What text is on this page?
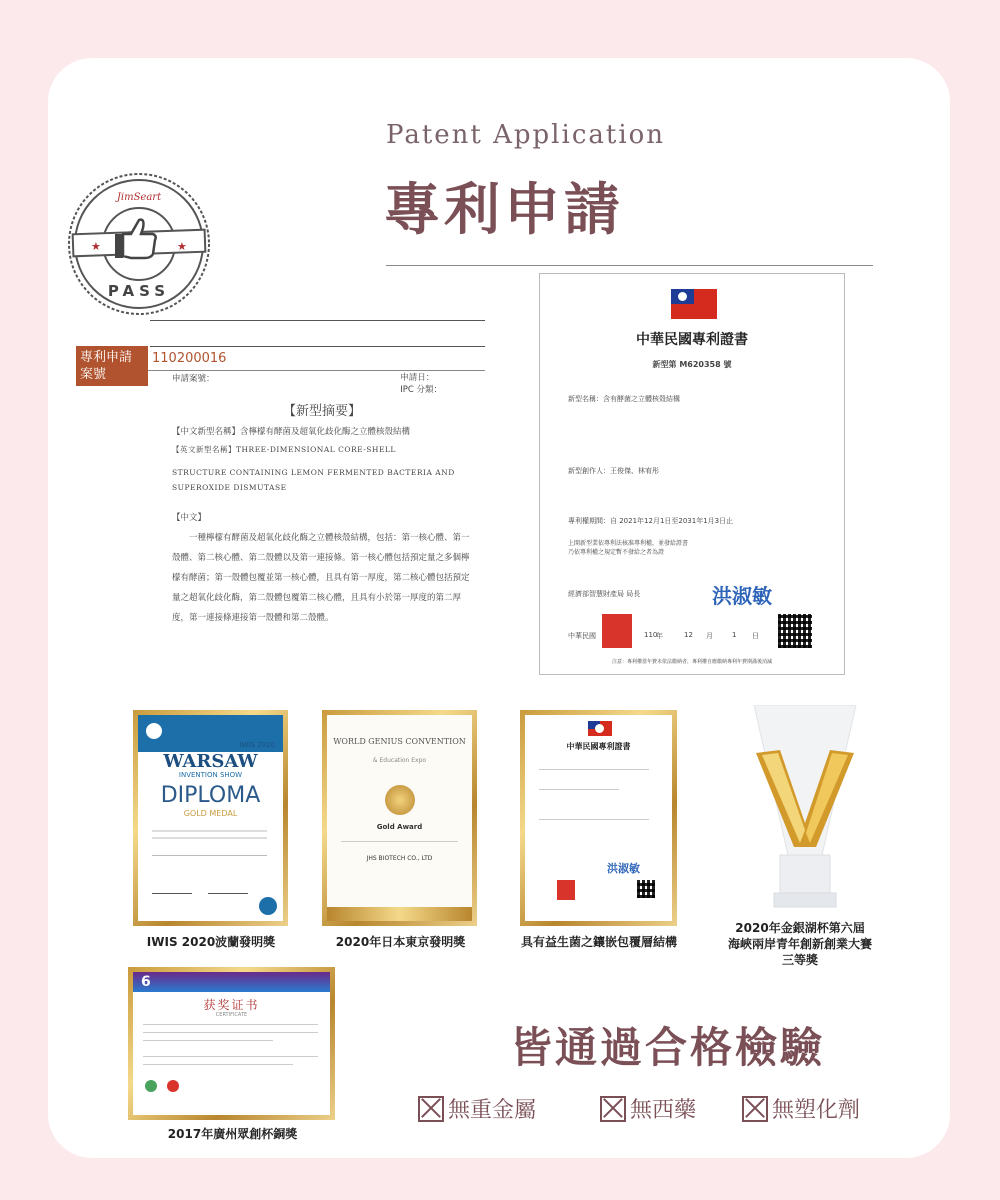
Patent Application
專利申請
★	★
PASS
JimSeart
專利申請案號
110200016
申請案號：	申請日：
IPC 分類：
【新型摘要】

【中文新型名稱】含檸檬有酵菌及超氧化歧化酶之立體核殼結構

【英文新型名稱】THREE-DIMENSIONAL CORE-SHELL

STRUCTURE CONTAINING LEMON FERMENTED BACTERIA AND SUPEROXIDE DISMUTASE

【中文】

一種檸檬有酵菌及超氧化歧化酶之立體核殼結構，包括：第一核心體、第一殼體、第二核心體、第二殼體以及第一連接條。第一核心體包括預定量之多個檸檬有酵菌；第一殼體包覆並第一核心體，且具有第一厚度，第二核心體包括預定量之超氧化歧化酶，第二殼體包覆第二核心體，且具有小於第一厚度的第二厚度，第一連接條連接第一殼體和第二殼體。

中華民國專利證書
新型第 M620358 號
新型名稱：含有酵菌之立體核殼結構
新型創作人：王俊傑、林宥彤
專利權期間：自 2021年12月1日至2031年1月3日止
上開新型業依專利法核准專利權，並發給證書
乃依專利權之規定暫不發給之者為證
經濟部智慧財產局 局長	洪淑敏
中華民國	110
年	12 月	1 日
注意：專利權當年費未依法繳納者，專利權自應繳納專利年費期滿後消滅
IWIS 2020
WARSAW
INVENTION SHOW
DIPLOMA
GOLD MEDAL
IWIS 2020波蘭發明獎
WORLD GENIUS CONVENTION
& Education Expo
Gold Award
JHS BIOTECH CO., LTD
2020年日本東京發明獎
中華民國專利證書
洪淑敏
具有益生菌之鑲嵌包覆層結構
2020年金銀湖杯第六屆
海峽兩岸青年創新創業大賽
三等獎
6
获奖证书
CERTIFICATE
2017年廣州眾創杯銅獎
皆通過合格檢驗
無重金屬	無西藥	無塑化劑
